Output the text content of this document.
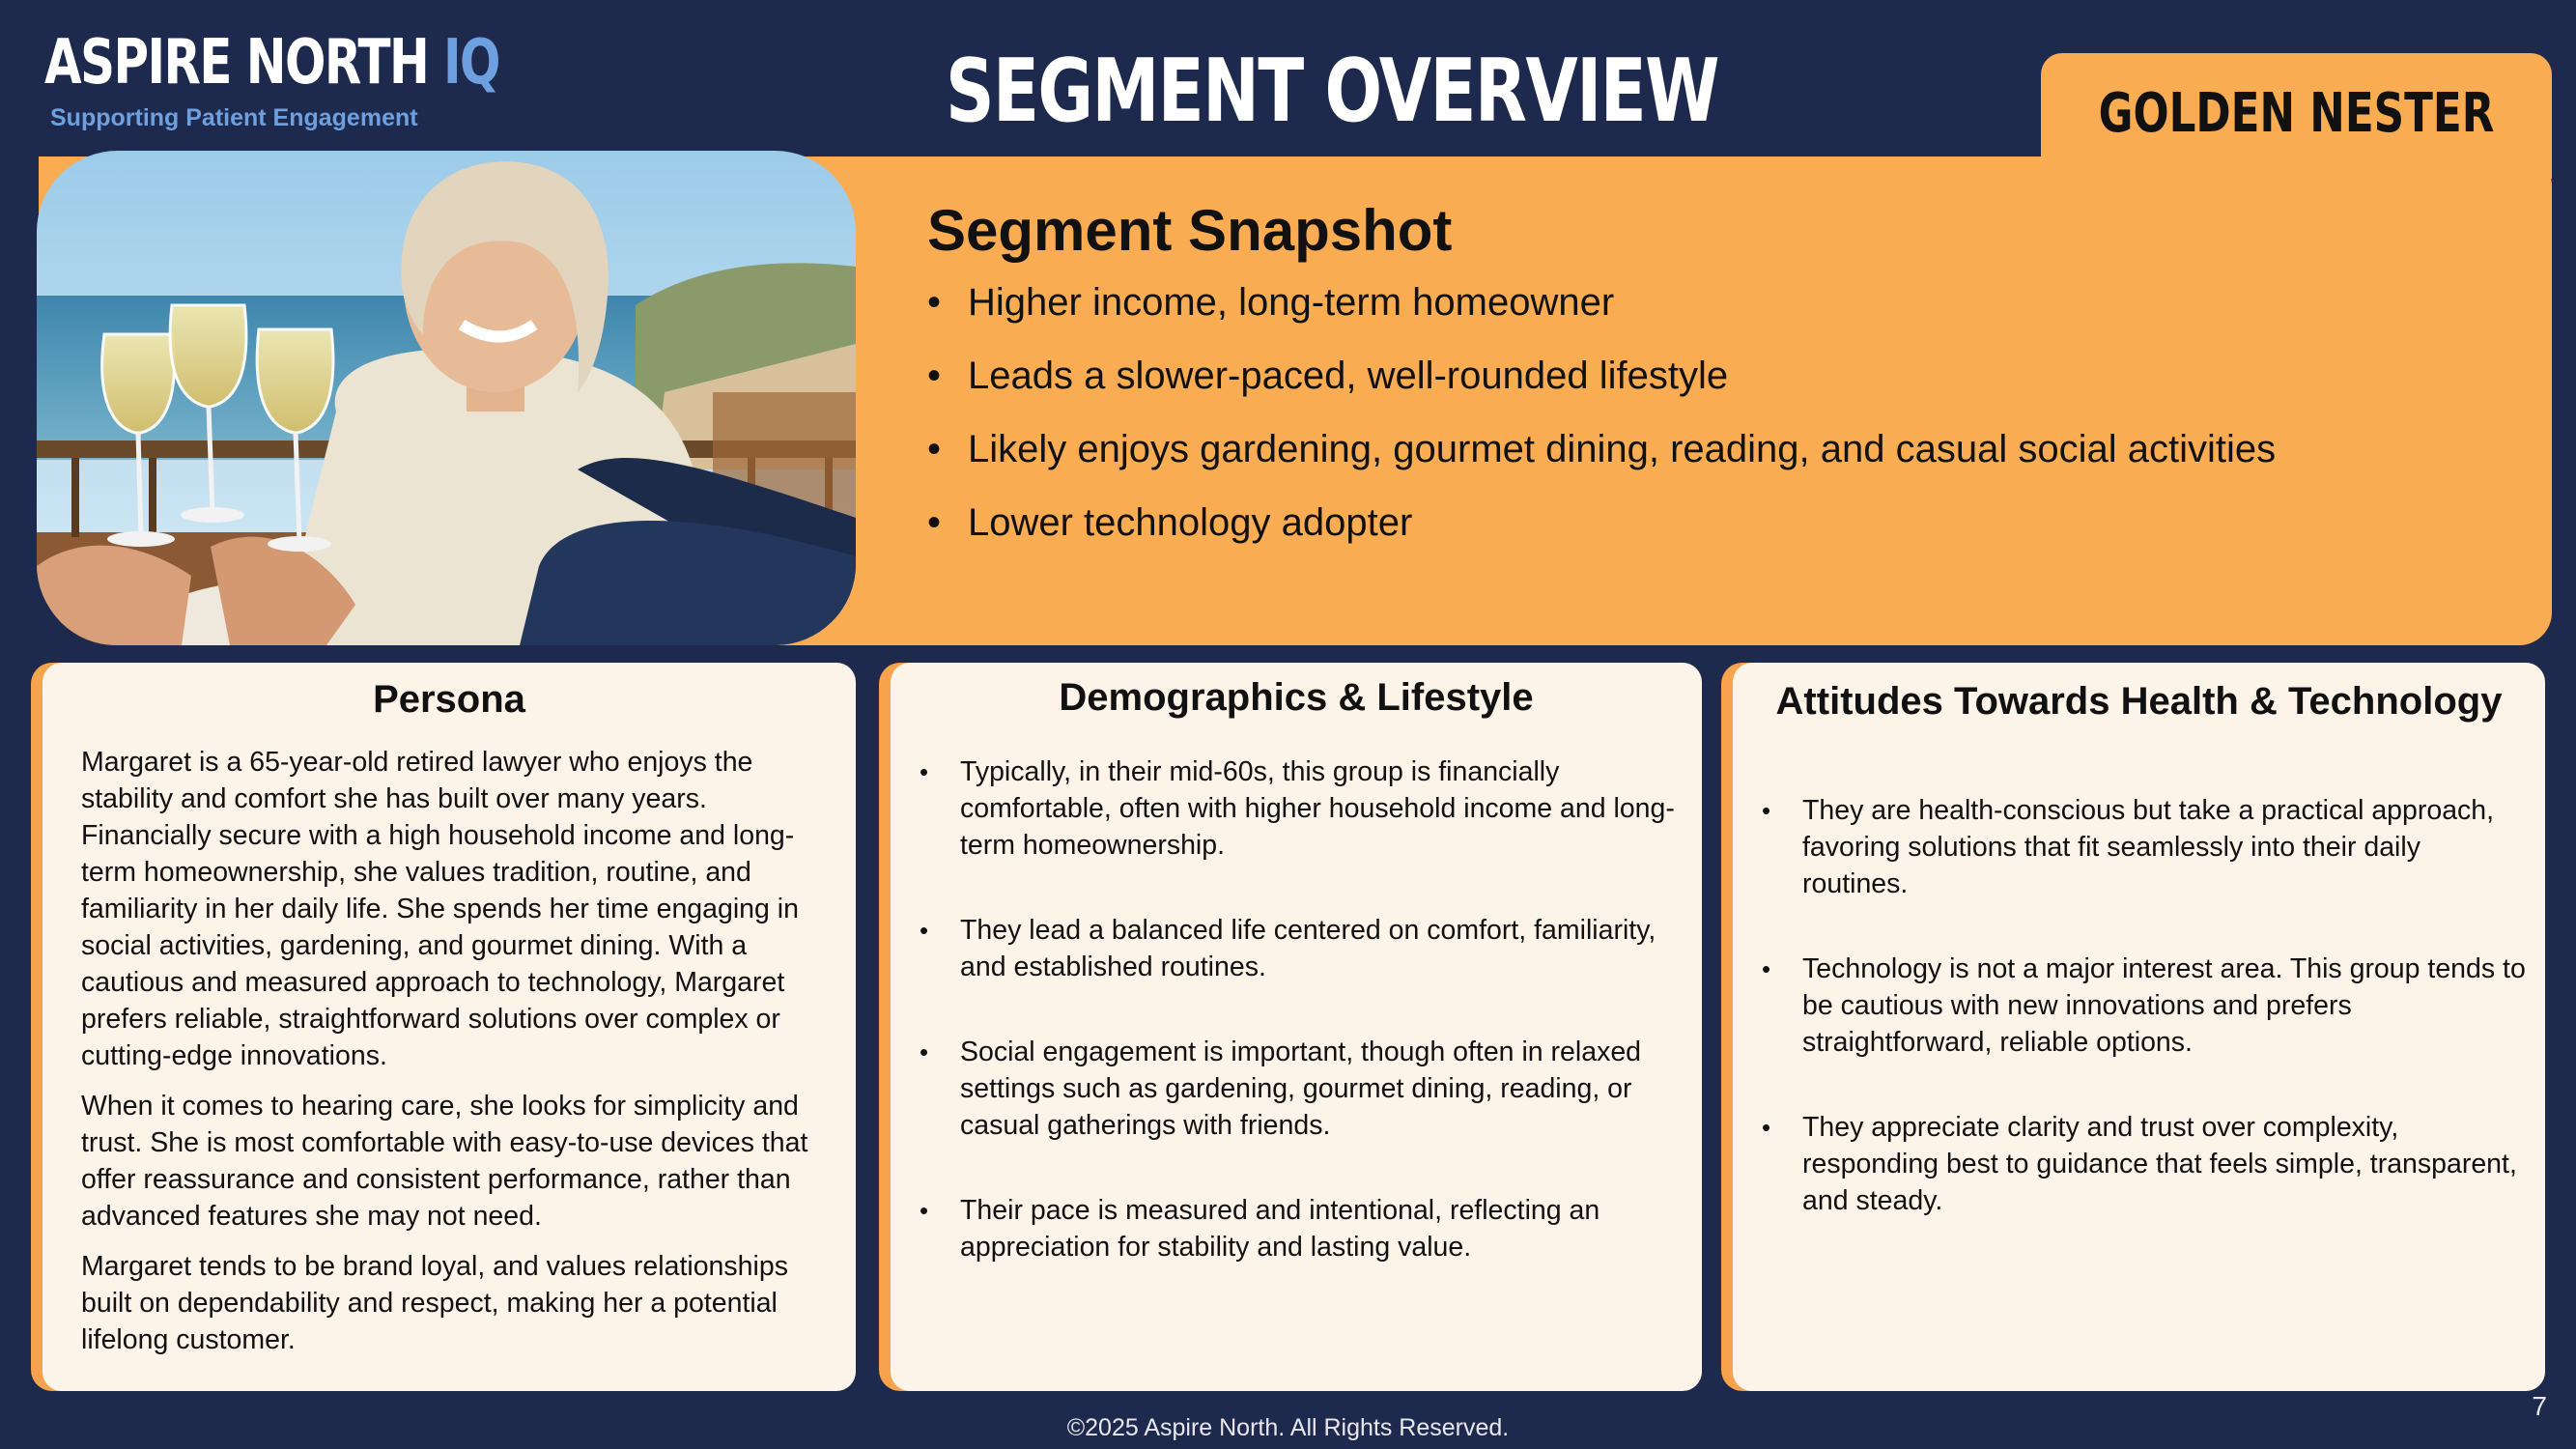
ASPIRE NORTH IQ
Supporting Patient Engagement	SEGMENT OVERVIEW	GOLDEN NESTER
Segment Snapshot
• Higher income, long-term homeowner
• Leads a slower-paced, well-rounded lifestyle
• Likely enjoys gardening, gourmet dining, reading, and casual social activities
• Lower technology adopter
Persona

Margaret is a 65-year-old retired lawyer who enjoys the stability and comfort she has built over many years. Financially secure with a high household income and long-term homeownership, she values tradition, routine, and familiarity in her daily life. She spends her time engaging in social activities, gardening, and gourmet dining. With a cautious and measured approach to technology, Margaret prefers reliable, straightforward solutions over complex or cutting-edge innovations.

When it comes to hearing care, she looks for simplicity and trust. She is most comfortable with easy-to-use devices that offer reassurance and consistent performance, rather than advanced features she may not need.

Margaret tends to be brand loyal, and values relationships built on dependability and respect, making her a potential lifelong customer.

Demographics & Lifestyle
• Typically, in their mid-60s, this group is financially comfortable, often with higher household income and long-term homeownership.
• They lead a balanced life centered on comfort, familiarity, and established routines.
• Social engagement is important, though often in relaxed settings such as gardening, gourmet dining, reading, or casual gatherings with friends.
• Their pace is measured and intentional, reflecting an appreciation for stability and lasting value.
Attitudes Towards Health & Technology
• They are health-conscious but take a practical approach, favoring solutions that fit seamlessly into their daily routines.
• Technology is not a major interest area. This group tends to be cautious with new innovations and prefers straightforward, reliable options.
• They appreciate clarity and trust over complexity, responding best to guidance that feels simple, transparent, and steady.
©2025 Aspire North. All Rights Reserved.
7
